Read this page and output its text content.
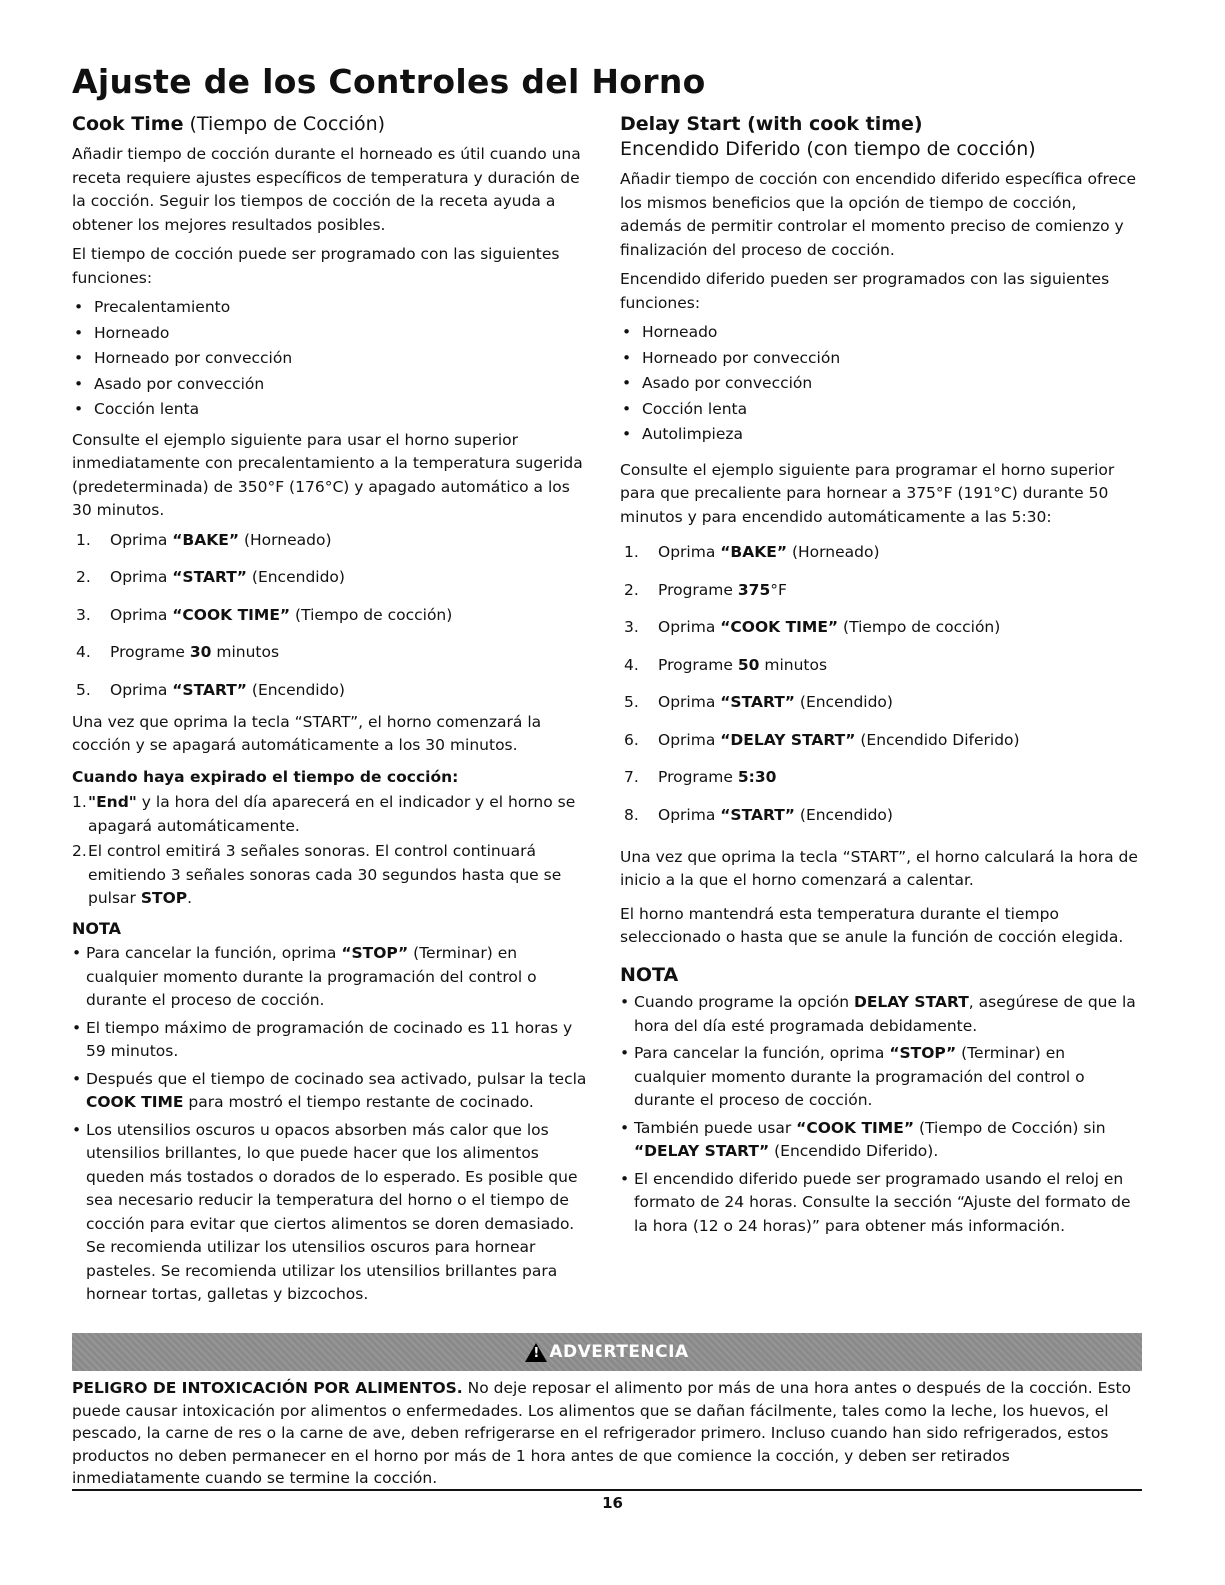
Ajuste de los Controles del Horno
Cook Time (Tiempo de Cocción)

Añadir tiempo de cocción durante el horneado es útil cuando una receta requiere ajustes específicos de temperatura y duración de la cocción. Seguir los tiempos de cocción de la receta ayuda a obtener los mejores resultados posibles.

El tiempo de cocción puede ser programado con las siguientes funciones:

• Precalentamiento
• Horneado
• Horneado por convección
• Asado por convección
• Cocción lenta

Consulte el ejemplo siguiente para usar el horno superior inmediatamente con precalentamiento a la temperatura sugerida (predeterminada) de 350°F (176°C) y apagado automático a los 30 minutos.

1. Oprima “BAKE” (Horneado)
2. Oprima “START” (Encendido)
3. Oprima “COOK TIME” (Tiempo de cocción)
4. Programe 30 minutos
5. Oprima “START” (Encendido)

Una vez que oprima la tecla “START”, el horno comenzará la cocción y se apagará automáticamente a los 30 minutos.

Cuando haya expirado el tiempo de cocción:
1. "End" y la hora del día aparecerá en el indicador y el horno se apagará automáticamente.
2. El control emitirá 3 señales sonoras. El control continuará emitiendo 3 señales sonoras cada 30 segundos hasta que se pulsar STOP.
NOTA
• Para cancelar la función, oprima “STOP” (Terminar) en cualquier momento durante la programación del control o durante el proceso de cocción.
• El tiempo máximo de programación de cocinado es 11 horas y 59 minutos.
• Después que el tiempo de cocinado sea activado, pulsar la tecla COOK TIME para mostró el tiempo restante de cocinado.
• Los utensilios oscuros u opacos absorben más calor que los utensilios brillantes, lo que puede hacer que los alimentos queden más tostados o dorados de lo esperado. Es posible que sea necesario reducir la temperatura del horno o el tiempo de cocción para evitar que ciertos alimentos se doren demasiado. Se recomienda utilizar los utensilios oscuros para hornear pasteles. Se recomienda utilizar los utensilios brillantes para hornear tortas, galletas y bizcochos.
Delay Start (with cook time)
Encendido Diferido (con tiempo de cocción)

Añadir tiempo de cocción con encendido diferido específica ofrece los mismos beneficios que la opción de tiempo de cocción, además de permitir controlar el momento preciso de comienzo y finalización del proceso de cocción.

Encendido diferido pueden ser programados con las siguientes funciones:

• Horneado
• Horneado por convección
• Asado por convección
• Cocción lenta
• Autolimpieza

Consulte el ejemplo siguiente para programar el horno superior para que precaliente para hornear a 375°F (191°C) durante 50 minutos y para encendido automáticamente a las 5:30:

1. Oprima “BAKE” (Horneado)
2. Programe 375°F
3. Oprima “COOK TIME” (Tiempo de cocción)
4. Programe 50 minutos
5. Oprima “START” (Encendido)
6. Oprima “DELAY START” (Encendido Diferido)
7. Programe 5:30
8. Oprima “START” (Encendido)

Una vez que oprima la tecla “START”, el horno calculará la hora de inicio a la que el horno comenzará a calentar.

El horno mantendrá esta temperatura durante el tiempo seleccionado o hasta que se anule la función de cocción elegida.

NOTA
• Cuando programe la opción DELAY START, asegúrese de que la hora del día esté programada debidamente.
• Para cancelar la función, oprima “STOP” (Terminar) en cualquier momento durante la programación del control o durante el proceso de cocción.
• También puede usar “COOK TIME” (Tiempo de Cocción) sin “DELAY START” (Encendido Diferido).
• El encendido diferido puede ser programado usando el reloj en formato de 24 horas. Consulte la sección “Ajuste del formato de la hora (12 o 24 horas)” para obtener más información.
! ADVERTENCIA
PELIGRO DE INTOXICACIÓN POR ALIMENTOS. No deje reposar el alimento por más de una hora antes o después de la cocción. Esto puede causar intoxicación por alimentos o enfermedades. Los alimentos que se dañan fácilmente, tales como la leche, los huevos, el pescado, la carne de res o la carne de ave, deben refrigerarse en el refrigerador primero. Incluso cuando han sido refrigerados, estos productos no deben permanecer en el horno por más de 1 hora antes de que comience la cocción, y deben ser retirados inmediatamente cuando se termine la cocción.
16
